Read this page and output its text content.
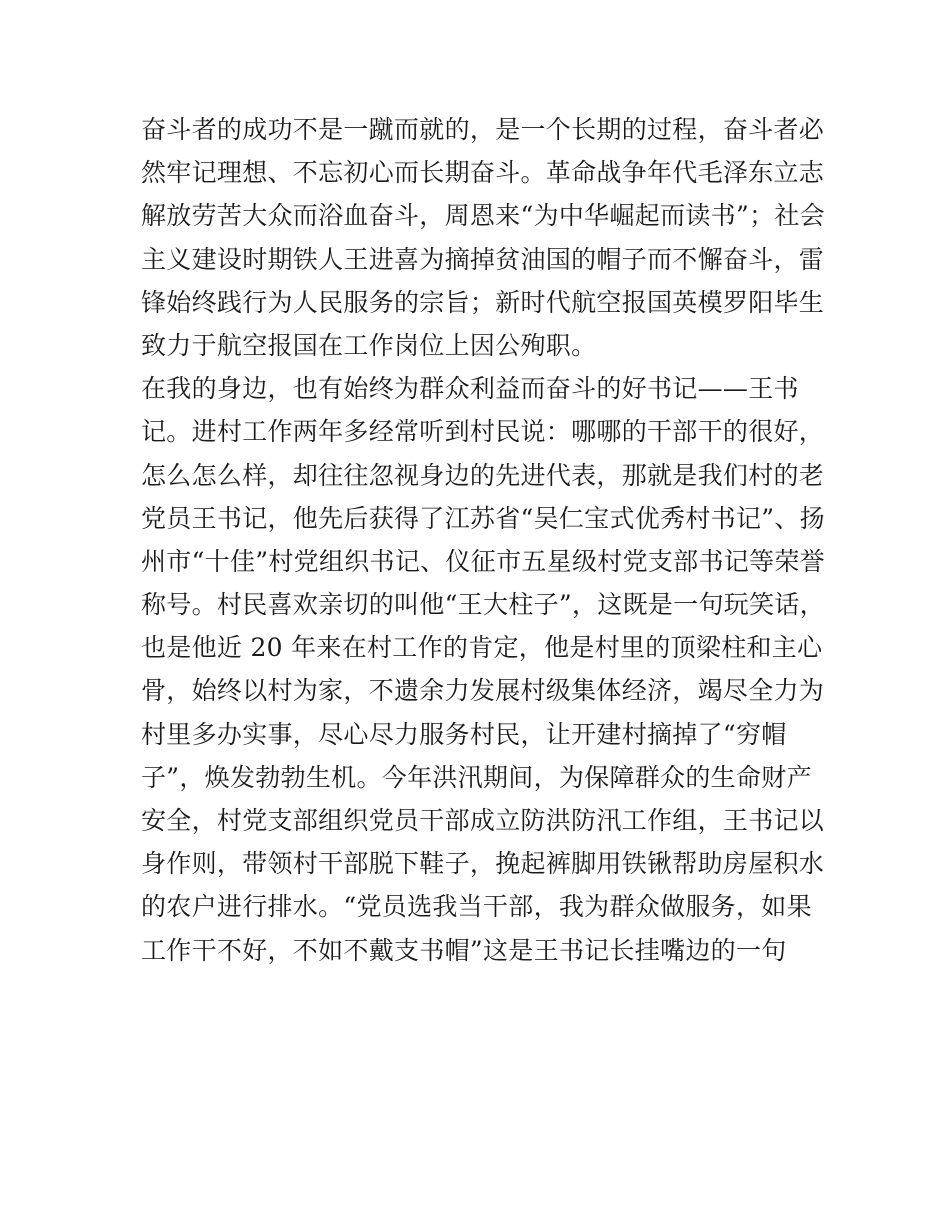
奋斗者的成功不是一蹴而就的，是一个长期的过程，奋斗者必
然牢记理想、不忘初心而长期奋斗。革命战争年代毛泽东立志
解放劳苦大众而浴血奋斗，周恩来“为中华崛起而读书”；社会
主义建设时期铁人王进喜为摘掉贫油国的帽子而不懈奋斗，雷
锋始终践行为人民服务的宗旨；新时代航空报国英模罗阳毕生
致力于航空报国在工作岗位上因公殉职。
在我的身边，也有始终为群众利益而奋斗的好书记——王书
记。进村工作两年多经常听到村民说：哪哪的干部干的很好，
怎么怎么样，却往往忽视身边的先进代表，那就是我们村的老
党员王书记，他先后获得了江苏省“吴仁宝式优秀村书记”、扬
州市“十佳”村党组织书记、仪征市五星级村党支部书记等荣誉
称号。村民喜欢亲切的叫他“王大柱子”，这既是一句玩笑话，
也是他近 20 年来在村工作的肯定，他是村里的顶梁柱和主心
骨，始终以村为家，不遗余力发展村级集体经济，竭尽全力为
村里多办实事，尽心尽力服务村民，让开建村摘掉了“穷帽
子”，焕发勃勃生机。今年洪汛期间，为保障群众的生命财产
安全，村党支部组织党员干部成立防洪防汛工作组，王书记以
身作则，带领村干部脱下鞋子，挽起裤脚用铁锹帮助房屋积水
的农户进行排水。“党员选我当干部，我为群众做服务，如果
工作干不好，不如不戴支书帽”这是王书记长挂嘴边的一句
